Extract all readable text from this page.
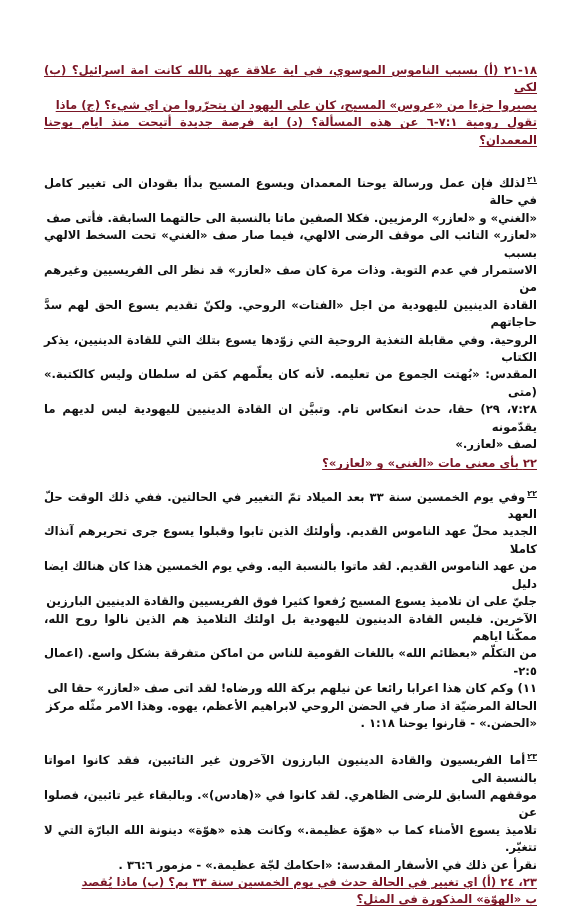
١٨-٢١ (أ) بسبب الناموس الموسوي، في اية علاقة عهد بالله كانت امة اسرائيل؟ (ب) لكي
يصيروا جزءا من «عروس» المسيح، كان على اليهود ان يتحرّروا من اي شيء؟ (ج) ماذا
تقول رومية ٧:١-٦ عن هذه المسألة؟ (د) اية فرصة جديدة أتيحت منذ ايام يوحنا المعمدان؟
$^{٢١}$لذلك فإن عمل ورسالة يوحنا المعمدان ويسوع المسيح بدأا بقودان الى تغيير كامل في حالة
«الغني» و «لعازر» الرمزيين. فكلا الصفين ماتا بالنسبة الى حالتهما السابقة. فأتى صف
«لعازر» التائب الى موقف الرضى الالهي، فيما صار صف «الغني» تحت السخط الالهي بسبب
الاستمرار في عدم التوبة. وذات مرة كان صف «لعازر» قد نظر الى الفريسيين وغيرهم من
القادة الدينيين لليهودية من اجل «الفتات» الروحي. ولكنّ تقديم يسوع الحق لهم سدَّ حاجاتهم
الروحية. وفي مقابلة التغذية الروحية التي زوّدها يسوع بتلك التي للقادة الدينيين، يذكر الكتاب
المقدس: «بُهتت الجموع من تعليمه. لأنه كان يعلّمهم كمَن له سلطان وليس كالكتبة.» (متى
٧:٢٨، ٢٩) حقا، حدث انعكاس تام. وتبيَّن ان القادة الدينيين لليهودية ليس لديهم ما يقدّمونه
لصف «لعازر.»
٢٢ بأي معنى مات «الغني» و «لعازر»؟
$^{٢٢}$وفي يوم الخمسين سنة ٣٣ بعد الميلاد تمّ التغيير في الحالتين. ففي ذلك الوقت حلّ العهد
الجديد محلّ عهد الناموس القديم. وأولئك الذين تابوا وقبلوا يسوع جرى تحريرهم آنذاك كاملا
من عهد الناموس القديم. لقد ماتوا بالنسبة اليه. وفي يوم الخمسين هذا كان هنالك ايضا دليل
جليّ على ان تلاميذ يسوع المسيح رُفعوا كثيرا فوق الفريسيين والقادة الدينيين البارزين
الآخرين. فليس القادة الدينيون لليهودية بل اولئك التلاميذ هم الذين نالوا روح الله، ممكّنا اياهم
من التكلّم «بعظائم الله» باللغات القومية للناس من اماكن متفرقة بشكل واسع. (اعمال ٢:٥-
١١) وكم كان هذا اعرابا رائعا عن نيلهم بركة الله ورضاه! لقد اتى صف «لعازر» حقا الى
الحالة المرضيّة اذ صار في الحضن الروحي لابراهيم الأعظم، يهوه. وهذا الامر مثّله مركز
«الحضن.» - قارنوا يوحنا ١:١٨ .
$^{٢٣}$أما الفريسيون والقادة الدينيون البارزون الآخرون غير التائبين، فقد كانوا امواتا بالنسبة الى
موقفهم السابق للرضى الظاهري. لقد كانوا في «(هادس)». وبالبقاء غير تائبين، فصلوا عن
تلاميذ يسوع الأمناء كما ب «هوّة عظيمة.» وكانت هذه «هوّة» دينونة الله البارّة التي لا تتغيّر.
نقرأ عن ذلك في الأسفار المقدسة: «احكامك لجّة عظيمة.» - مزمور ٣٦:٦ .
٢٣، ٢٤ (أ) اي تغيير في الحالة حدث في يوم الخمسين سنة ٣٣ بم؟ (ب) ماذا يُقصد
ب «الهوّة» المذكورة في المثل؟
